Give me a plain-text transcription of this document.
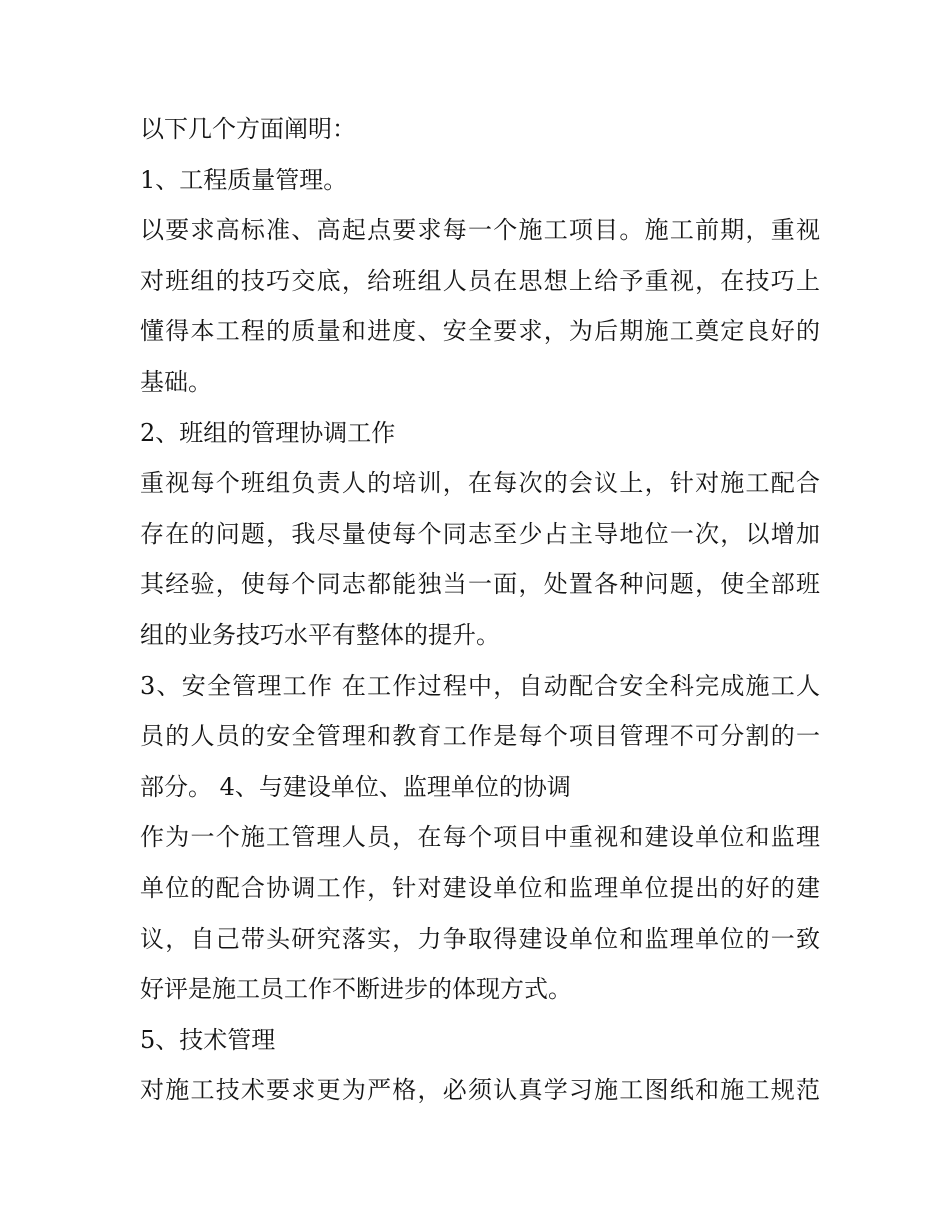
以下几个方面阐明：
1、工程质量管理。
以要求高标准、高起点要求每一个施工项目。施工前期，重视
对班组的技巧交底，给班组人员在思想上给予重视，在技巧上
懂得本工程的质量和进度、安全要求，为后期施工奠定良好的
基础。
2、班组的管理协调工作
重视每个班组负责人的培训，在每次的会议上，针对施工配合
存在的问题，我尽量使每个同志至少占主导地位一次，以增加
其经验，使每个同志都能独当一面，处置各种问题，使全部班
组的业务技巧水平有整体的提升。
3、安全管理工作 在工作过程中，自动配合安全科完成施工人
员的人员的安全管理和教育工作是每个项目管理不可分割的一
部分。 4、与建设单位、监理单位的协调
作为一个施工管理人员，在每个项目中重视和建设单位和监理
单位的配合协调工作，针对建设单位和监理单位提出的好的建
议，自己带头研究落实，力争取得建设单位和监理单位的一致
好评是施工员工作不断进步的体现方式。
5、技术管理
对施工技术要求更为严格，必须认真学习施工图纸和施工规范
